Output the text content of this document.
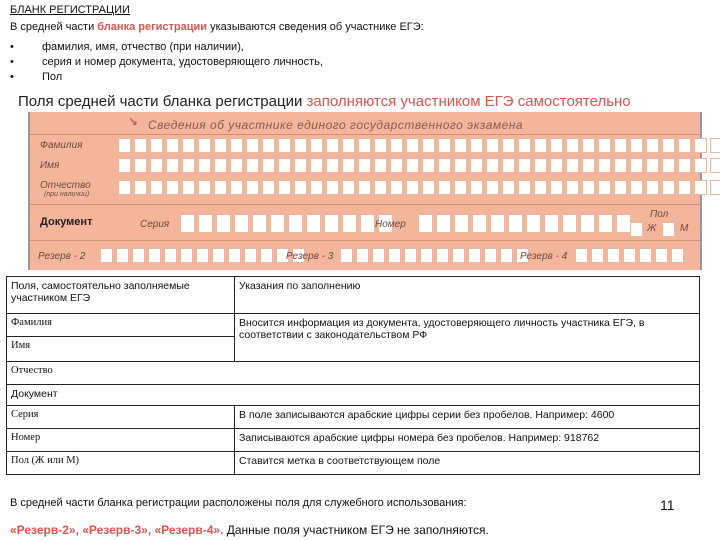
БЛАНК РЕГИСТРАЦИИ
В средней части бланка регистрации указываются сведения об участнике ЕГЭ:
•	фамилия, имя, отчество (при наличии),
•	серия и номер документа, удостоверяющего личность,
•	Пол
Поля средней части бланка регистрации заполняются участником ЕГЭ самостоятельно
↘ Сведения об участнике единого государственного экзамена
Фамилия
Имя
Отчество
(при наличии)
Документ	Серия	Номер
Пол
Ж М
Резерв - 2	Резерв - 3	Резерв - 4
Поля, самостоятельно заполняемые участником ЕГЭ	Указания по заполнению
Фамилия	Вносится информация из документа, удостоверяющего личность участника ЕГЭ, в соответствии с законодательством РФ
Имя	
Отчество	
Документ	
Серия	В поле записываются арабские цифры серии без пробелов. Например: 4600
Номер	Записываются арабские цифры номера без пробелов. Например: 918762
Пол (Ж или М)	Ставится метка в соответствующем поле
В средней части бланка регистрации расположены поля для служебного использования:
«Резерв-2», «Резерв-3», «Резерв-4». Данные поля участником ЕГЭ не заполняются.
11
